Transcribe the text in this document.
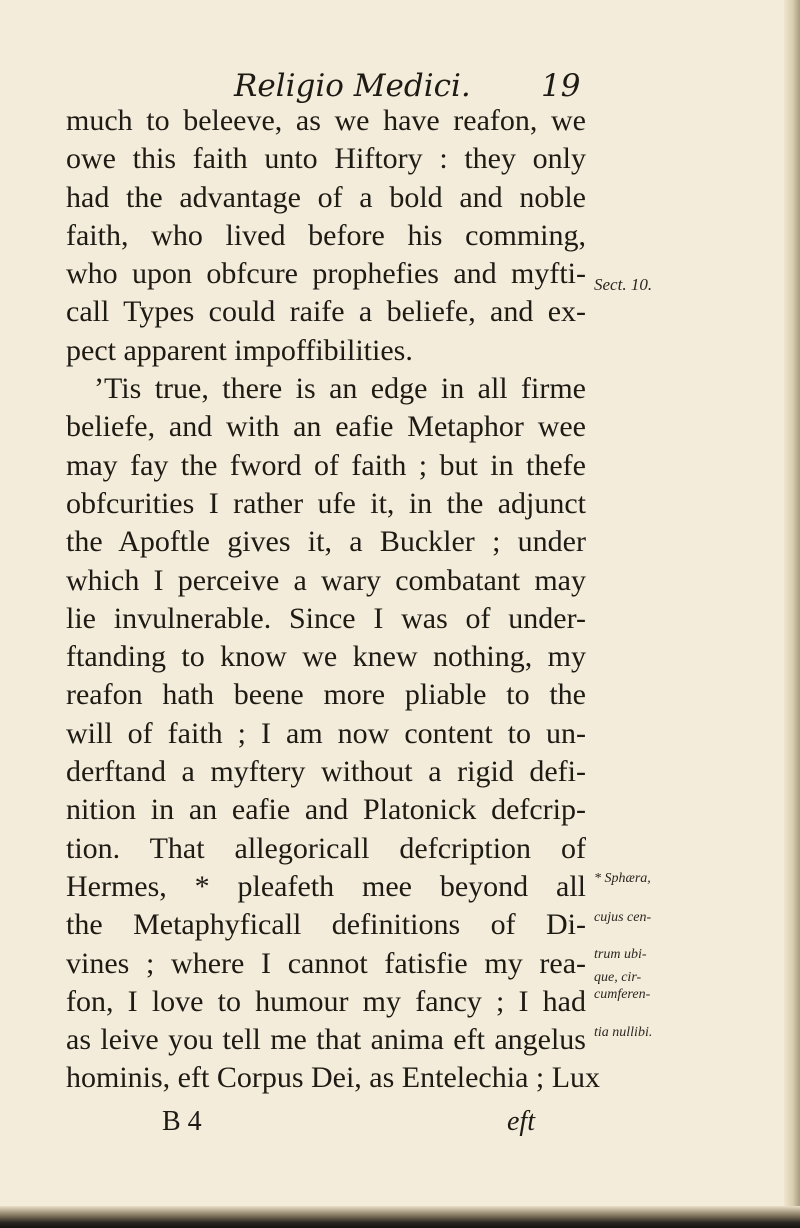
Religio Medici.	19
much to beleeve, as we have reafon, we
owe this faith unto Hiftory : they only
had the advantage of a bold and noble
faith, who lived before his comming,
who upon obfcure prophefies and myfti-
call Types could raife a beliefe, and ex-
pect apparent impoffibilities.
’Tis true, there is an edge in all firme
beliefe, and with an eafie Metaphor wee
may fay the fword of faith ; but in thefe
obfcurities I rather ufe it, in the adjunct
the Apoftle gives it, a Buckler ; under
which I perceive a wary combatant may
lie invulnerable. Since I was of under-
ftanding to know we knew nothing, my
reafon hath beene more pliable to the
will of faith ; I am now content to un-
derftand a myftery without a rigid defi-
nition in an eafie and Platonick defcrip-
tion. That allegoricall defcription of
Hermes, * pleafeth mee beyond all
the Metaphyficall definitions of Di-
vines ; where I cannot fatisfie my rea-
fon, I love to humour my fancy ; I had
as leive you tell me that anima eft angelus
hominis, eft Corpus Dei, as Entelechia ; Lux
Sect. 10.
* Sphæra,
cujus cen-
trum ubi-
que, cir-
cumferen-
tia nullibi.
B 4	eft
